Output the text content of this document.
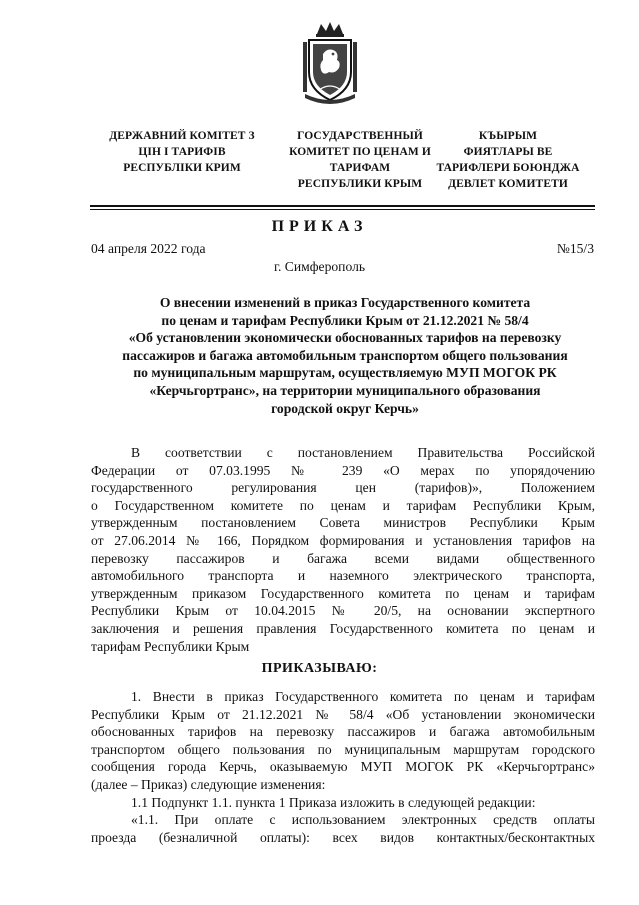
ДЕРЖАВНИЙ КОМІТЕТ З
ЦІН І ТАРИФІВ
РЕСПУБЛІКИ КРИМ
ГОСУДАРСТВЕННЫЙ
КОМИТЕТ ПО ЦЕНАМ И
ТАРИФАМ
РЕСПУБЛИКИ КРЫМ
КЪЫРЫМ
ФИЯТЛАРЫ ВЕ
ТАРИФЛЕРИ БОЮНДЖА
ДЕВЛЕТ КОМИТЕТИ
ПРИКАЗ
04 апреля 2022 года	№15/3
г. Симферополь
О внесении изменений в приказ Государственного комитета
по ценам и тарифам Республики Крым от 21.12.2021 № 58/4
«Об установлении экономически обоснованных тарифов на перевозку
пассажиров и багажа автомобильным транспортом общего пользования
по муниципальным маршрутам, осуществляемую МУП МОГОК РК
«Керчьгортранс», на территории муниципального образования
городской округ Керчь»
В соответствии с постановлением Правительства Российской
Федерации от 07.03.1995 № 239 «О мерах по упорядочению
государственного регулирования цен (тарифов)», Положением
о Государственном комитете по ценам и тарифам Республики Крым,
утвержденным постановлением Совета министров Республики Крым
от 27.06.2014 № 166, Порядком формирования и установления тарифов на
перевозку пассажиров и багажа всеми видами общественного
автомобильного транспорта и наземного электрического транспорта,
утвержденным приказом Государственного комитета по ценам и тарифам
Республики Крым от 10.04.2015 № 20/5, на основании экспертного
заключения и решения правления Государственного комитета по ценам и
тарифам Республики Крым
ПРИКАЗЫВАЮ:
1. Внести в приказ Государственного комитета по ценам и тарифам
Республики Крым от 21.12.2021 № 58/4 «Об установлении экономически
обоснованных тарифов на перевозку пассажиров и багажа автомобильным
транспортом общего пользования по муниципальным маршрутам городского
сообщения города Керчь, оказываемую МУП МОГОК РК «Керчьгортранс»
(далее – Приказ) следующие изменения:
1.1 Подпункт 1.1. пункта 1 Приказа изложить в следующей редакции:
«1.1. При оплате с использованием электронных средств оплаты
проезда (безналичной оплаты): всех видов контактных/бесконтактных
